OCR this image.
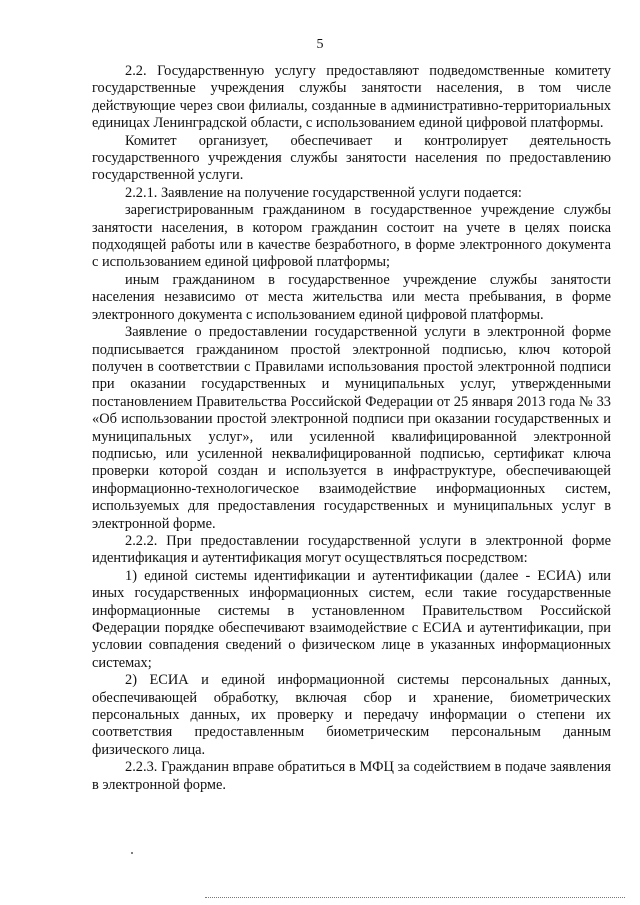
5

2.2. Государственную услугу предоставляют подведомственные комитету государственные учреждения службы занятости населения, в том числе действующие через свои филиалы, созданные в административно-территориальных единицах Ленинградской области, с использованием единой цифровой платформы.

Комитет организует, обеспечивает и контролирует деятельность государственного учреждения службы занятости населения по предоставлению государственной услуги.

2.2.1. Заявление на получение государственной услуги подается:

зарегистрированным гражданином в государственное учреждение службы занятости населения, в котором гражданин состоит на учете в целях поиска подходящей работы или в качестве безработного, в форме электронного документа с использованием единой цифровой платформы;

иным гражданином в государственное учреждение службы занятости населения независимо от места жительства или места пребывания, в форме электронного документа с использованием единой цифровой платформы.

Заявление о предоставлении государственной услуги в электронной форме подписывается гражданином простой электронной подписью, ключ которой получен в соответствии с Правилами использования простой электронной подписи при оказании государственных и муниципальных услуг, утвержденными постановлением Правительства Российской Федерации от 25 января 2013 года № 33 «Об использовании простой электронной подписи при оказании государственных и муниципальных услуг», или усиленной квалифицированной электронной подписью, или усиленной неквалифицированной подписью, сертификат ключа проверки которой создан и используется в инфраструктуре, обеспечивающей информационно-технологическое взаимодействие информационных систем, используемых для предоставления государственных и муниципальных услуг в электронной форме.

2.2.2. При предоставлении государственной услуги в электронной форме идентификация и аутентификация могут осуществляться посредством:

1) единой системы идентификации и аутентификации (далее - ЕСИА) или иных государственных информационных систем, если такие государственные информационные системы в установленном Правительством Российской Федерации порядке обеспечивают взаимодействие с ЕСИА и аутентификации, при условии совпадения сведений о физическом лице в указанных информационных системах;

2) ЕСИА и единой информационной системы персональных данных, обеспечивающей обработку, включая сбор и хранение, биометрических персональных данных, их проверку и передачу информации о степени их соответствия предоставленным биометрическим персональным данным физического лица.

2.2.3. Гражданин вправе обратиться в МФЦ за содействием в подаче заявления в электронной форме.
